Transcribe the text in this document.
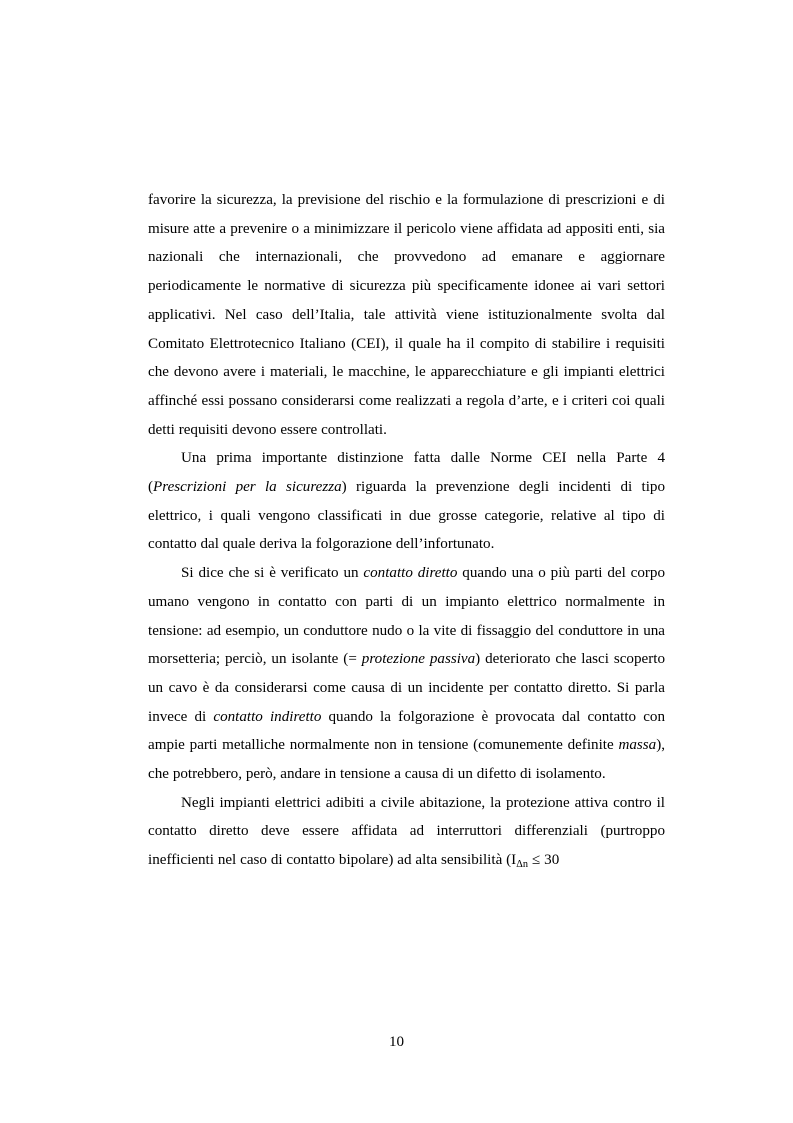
favorire la sicurezza, la previsione del rischio e la formulazione di prescrizioni e di misure atte a prevenire o a minimizzare il pericolo viene affidata ad appositi enti, sia nazionali che internazionali, che provvedono ad emanare e aggiornare periodicamente le normative di sicurezza più specificamente idonee ai vari settori applicativi. Nel caso dell’Italia, tale attività viene istituzionalmente svolta dal Comitato Elettrotecnico Italiano (CEI), il quale ha il compito di stabilire i requisiti che devono avere i materiali, le macchine, le apparecchiature e gli impianti elettrici affinché essi possano considerarsi come realizzati a regola d’arte, e i criteri coi quali detti requisiti devono essere controllati.

Una prima importante distinzione fatta dalle Norme CEI nella Parte 4 (Prescrizioni per la sicurezza) riguarda la prevenzione degli incidenti di tipo elettrico, i quali vengono classificati in due grosse categorie, relative al tipo di contatto dal quale deriva la folgorazione dell’infortunato.

Si dice che si è verificato un contatto diretto quando una o più parti del corpo umano vengono in contatto con parti di un impianto elettrico normalmente in tensione: ad esempio, un conduttore nudo o la vite di fissaggio del conduttore in una morsetteria; perciò, un isolante (= protezione passiva) deteriorato che lasci scoperto un cavo è da considerarsi come causa di un incidente per contatto diretto. Si parla invece di contatto indiretto quando la folgorazione è provocata dal contatto con ampie parti metalliche normalmente non in tensione (comunemente definite massa), che potrebbero, però, andare in tensione a causa di un difetto di isolamento.

Negli impianti elettrici adibiti a civile abitazione, la protezione attiva contro il contatto diretto deve essere affidata ad interruttori differenziali (purtroppo inefficienti nel caso di contatto bipolare) ad alta sensibilità ($I_{\Delta n} \le 30$

10
